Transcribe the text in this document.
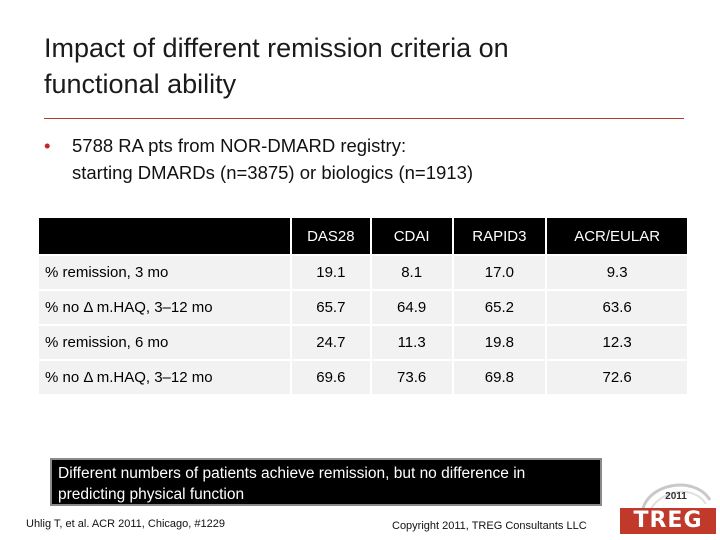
Impact of different remission criteria on
functional ability
•	5788 RA pts from NOR-DMARD registry:
starting DMARDs (n=3875) or biologics (n=1913)
	DAS28	CDAI	RAPID3	ACR/EULAR
% remission, 3 mo	19.1	8.1	17.0	9.3
% no Δ m.HAQ, 3–12 mo	65.7	64.9	65.2	63.6
% remission, 6 mo	24.7	11.3	19.8	12.3
% no Δ m.HAQ, 3–12 mo	69.6	73.6	69.8	72.6
Different numbers of patients achieve remission, but no difference in
predicting physical function
Uhlig T, et al. ACR 2011, Chicago, #1229	Copyright 2011, TREG Consultants LLC
2011
TREG
